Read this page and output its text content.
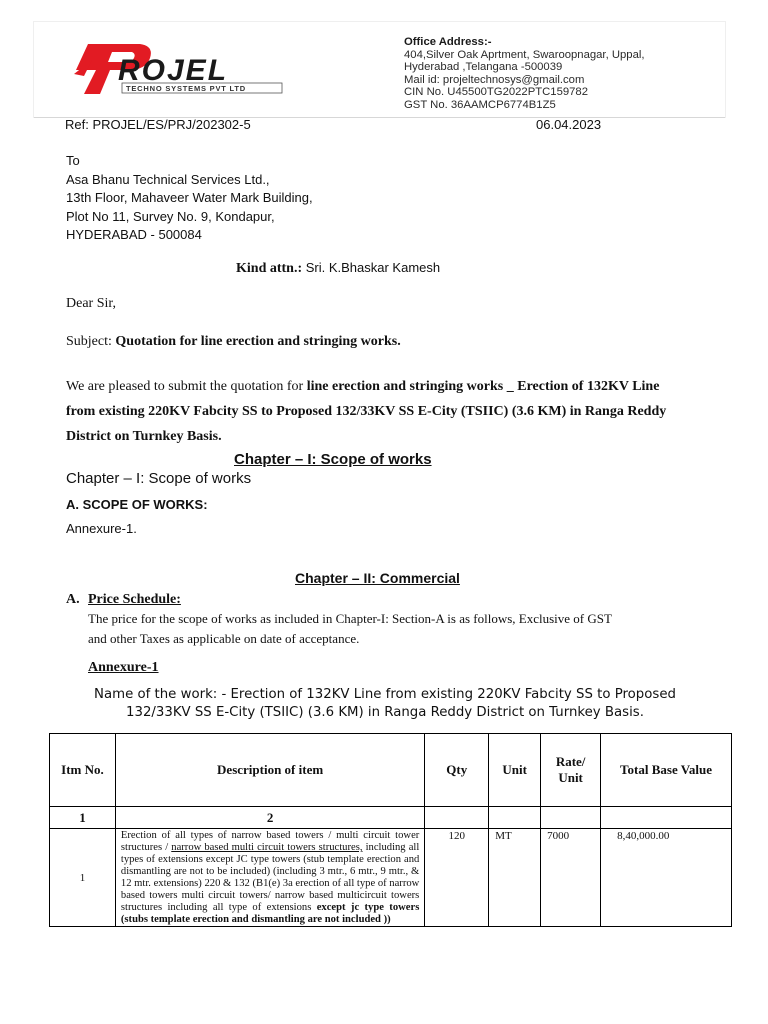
ROJEL
TECHNO SYSTEMS PVT LTD
Office Address:-
404,Silver Oak Aprtment, Swaroopnagar, Uppal,
Hyderabad ,Telangana -500039
Mail id: projeltechnosys@gmail.com
CIN No. U45500TG2022PTC159782
GST No. 36AAMCP6774B1Z5
Ref: PROJEL/ES/PRJ/202302-5	06.04.2023
To
Asa Bhanu Technical Services Ltd.,
13th Floor, Mahaveer Water Mark Building,
Plot No 11, Survey No. 9, Kondapur,
HYDERABAD - 500084
Kind attn.: Sri. K.Bhaskar Kamesh
Dear Sir,
Subject: Quotation for line erection and stringing works.
We are pleased to submit the quotation for line erection and stringing works _ Erection of 132KV Line
from existing 220KV Fabcity SS to Proposed 132/33KV SS E-City (TSIIC) (3.6 KM) in Ranga Reddy
District on Turnkey Basis.
Chapter – I: Scope of works
Chapter – I: Scope of works
A. SCOPE OF WORKS:
Annexure-1.
Chapter – II: Commercial
A. Price Schedule:
The price for the scope of works as included in Chapter-I: Section-A is as follows, Exclusive of GST
and other Taxes as applicable on date of acceptance.
Annexure-1
Name of the work: - Erection of 132KV Line from existing 220KV Fabcity SS to Proposed
132/33KV SS E-City (TSIIC) (3.6 KM) in Ranga Reddy District on Turnkey Basis.
Itm No.	Description of item	Qty	Unit	Rate/ Unit	Total Base Value
1	2				
1	Erection of all types of narrow based towers / multi circuit tower structures / narrow based multi circuit towers structures, including all types of extensions except JC type towers (stub template erection and dismantling are not to be included) (including 3 mtr., 6 mtr., 9 mtr., & 12 mtr. extensions) 220 & 132 (B1(e) 3a erection of all type of narrow based towers multi circuit towers/ narrow based multicircuit towers structures including all type of extensions except jc type towers (stubs template erection and dismantling are not included ))	120	MT	7000	8,40,000.00
